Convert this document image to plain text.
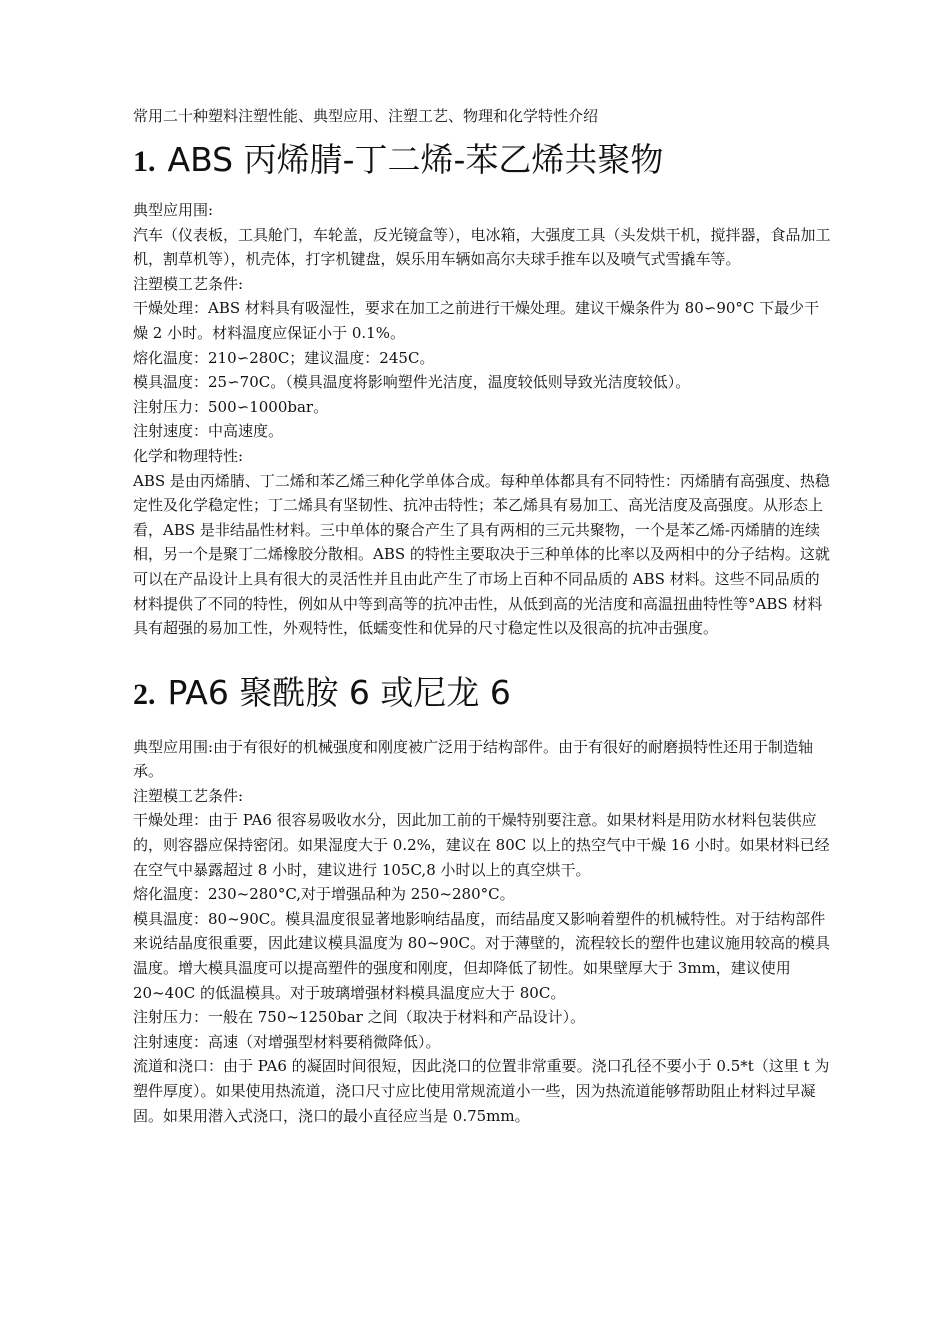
常用二十种塑料注塑性能、典型应用、注塑工艺、物理和化学特性介绍

1. ABS 丙烯腈-丁二烯-苯乙烯共聚物

典型应用围:

汽车（仪表板，工具舱门，车轮盖，反光镜盒等），电冰箱，大强度工具（头发烘干机，搅拌器，食品加工机，割草机等），机壳体，打字机键盘，娱乐用车辆如高尔夫球手推车以及喷气式雪撬车等。

注塑模工艺条件:

干燥处理：ABS 材料具有吸湿性，要求在加工之前进行干燥处理。建议干燥条件为 80∽90°C 下最少干燥 2 小时。材料温度应保证小于 0.1%。

熔化温度：210∽280C；建议温度：245C。

模具温度：25∽70C。（模具温度将影响塑件光洁度，温度较低则导致光洁度较低）。

注射压力：500∽1000bar。

注射速度：中高速度。

化学和物理特性:

ABS 是由丙烯腈、丁二烯和苯乙烯三种化学单体合成。每种单体都具有不同特性：丙烯腈有高强度、热稳定性及化学稳定性；丁二烯具有坚韧性、抗冲击特性；苯乙烯具有易加工、高光洁度及高强度。从形态上看，ABS 是非结晶性材料。三中单体的聚合产生了具有两相的三元共聚物，一个是苯乙烯-丙烯腈的连续相，另一个是聚丁二烯橡胶分散相。ABS 的特性主要取决于三种单体的比率以及两相中的分子结构。这就可以在产品设计上具有很大的灵活性并且由此产生了市场上百种不同品质的 ABS 材料。这些不同品质的材料提供了不同的特性，例如从中等到高等的抗冲击性，从低到高的光洁度和高温扭曲特性等°ABS 材料具有超强的易加工性，外观特性，低蠕变性和优异的尺寸稳定性以及很高的抗冲击强度。

2. PA6 聚酰胺 6 或尼龙 6

典型应用围:由于有很好的机械强度和刚度被广泛用于结构部件。由于有很好的耐磨损特性还用于制造轴承。

注塑模工艺条件:

干燥处理：由于 PA6 很容易吸收水分，因此加工前的干燥特别要注意。如果材料是用防水材料包装供应的，则容器应保持密闭。如果湿度大于 0.2%，建议在 80C 以上的热空气中干燥 16 小时。如果材料已经在空气中暴露超过 8 小时，建议进行 105C,8 小时以上的真空烘干。

熔化温度：230~280°C,对于增强品种为 250~280°C。

模具温度：80~90C。模具温度很显著地影响结晶度，而结晶度又影响着塑件的机械特性。对于结构部件来说结晶度很重要，因此建议模具温度为 80~90C。对于薄壁的，流程较长的塑件也建议施用较高的模具温度。增大模具温度可以提高塑件的强度和刚度，但却降低了韧性。如果壁厚大于 3mm，建议使用 20~40C 的低温模具。对于玻璃增强材料模具温度应大于 80C。

注射压力：一般在 750~1250bar 之间（取决于材料和产品设计）。

注射速度：高速（对增强型材料要稍微降低）。

流道和浇口：由于 PA6 的凝固时间很短，因此浇口的位置非常重要。浇口孔径不要小于 0.5*t（这里 t 为塑件厚度）。如果使用热流道，浇口尺寸应比使用常规流道小一些，因为热流道能够帮助阻止材料过早凝固。如果用潜入式浇口，浇口的最小直径应当是 0.75mm。
